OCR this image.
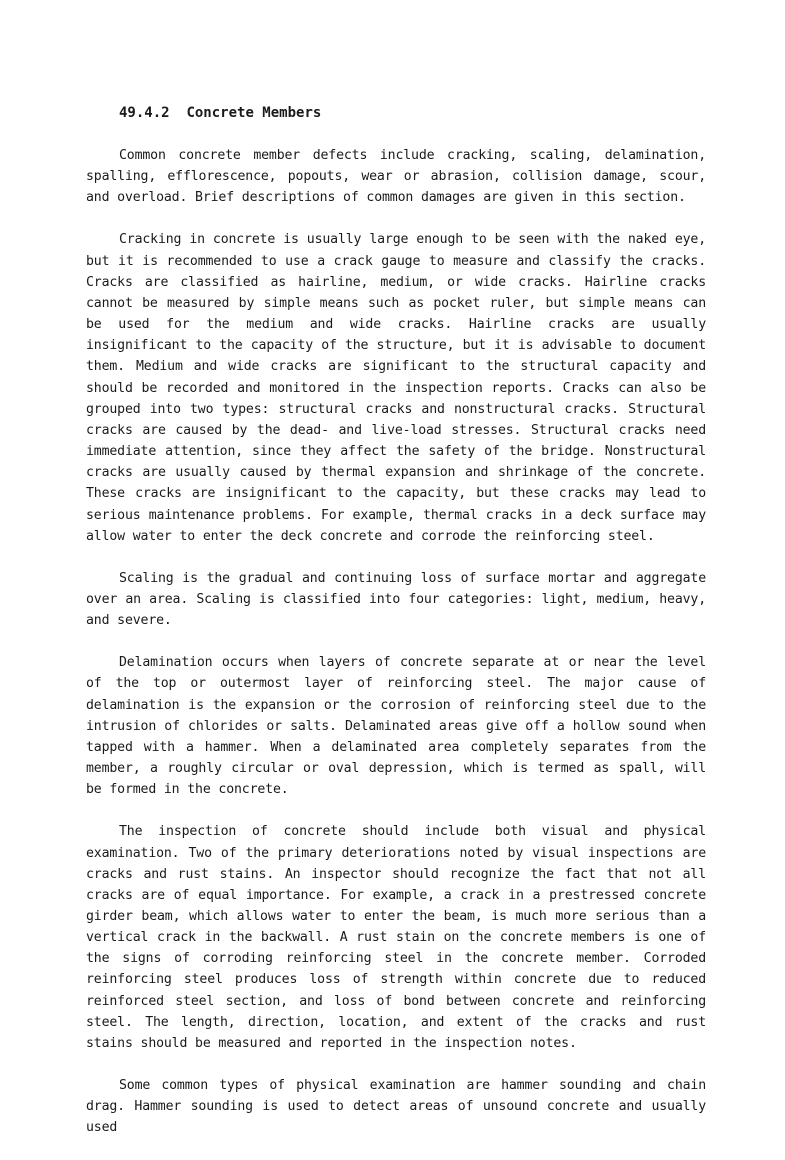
49.4.2 Concrete Members

Common concrete member defects include cracking, scaling, delamination, spalling, efflorescence, popouts, wear or abrasion, collision damage, scour, and overload. Brief descriptions of common damages are given in this section.

Cracking in concrete is usually large enough to be seen with the naked eye, but it is recommended to use a crack gauge to measure and classify the cracks. Cracks are classified as hairline, medium, or wide cracks. Hairline cracks cannot be measured by simple means such as pocket ruler, but simple means can be used for the medium and wide cracks. Hairline cracks are usually insignificant to the capacity of the structure, but it is advisable to document them. Medium and wide cracks are significant to the structural capacity and should be recorded and monitored in the inspection reports. Cracks can also be grouped into two types: structural cracks and nonstructural cracks. Structural cracks are caused by the dead- and live-load stresses. Structural cracks need immediate attention, since they affect the safety of the bridge. Nonstructural cracks are usually caused by thermal expansion and shrinkage of the concrete. These cracks are insignificant to the capacity, but these cracks may lead to serious maintenance problems. For example, thermal cracks in a deck surface may allow water to enter the deck concrete and corrode the reinforcing steel.

Scaling is the gradual and continuing loss of surface mortar and aggregate over an area. Scaling is classified into four categories: light, medium, heavy, and severe.

Delamination occurs when layers of concrete separate at or near the level of the top or outermost layer of reinforcing steel. The major cause of delamination is the expansion or the corrosion of reinforcing steel due to the intrusion of chlorides or salts. Delaminated areas give off a hollow sound when tapped with a hammer. When a delaminated area completely separates from the member, a roughly circular or oval depression, which is termed as spall, will be formed in the concrete.

The inspection of concrete should include both visual and physical examination. Two of the primary deteriorations noted by visual inspections are cracks and rust stains. An inspector should recognize the fact that not all cracks are of equal importance. For example, a crack in a prestressed concrete girder beam, which allows water to enter the beam, is much more serious than a vertical crack in the backwall. A rust stain on the concrete members is one of the signs of corroding reinforcing steel in the concrete member. Corroded reinforcing steel produces loss of strength within concrete due to reduced reinforced steel section, and loss of bond between concrete and reinforcing steel. The length, direction, location, and extent of the cracks and rust stains should be measured and reported in the inspection notes.

Some common types of physical examination are hammer sounding and chain drag. Hammer sounding is used to detect areas of unsound concrete and usually used
